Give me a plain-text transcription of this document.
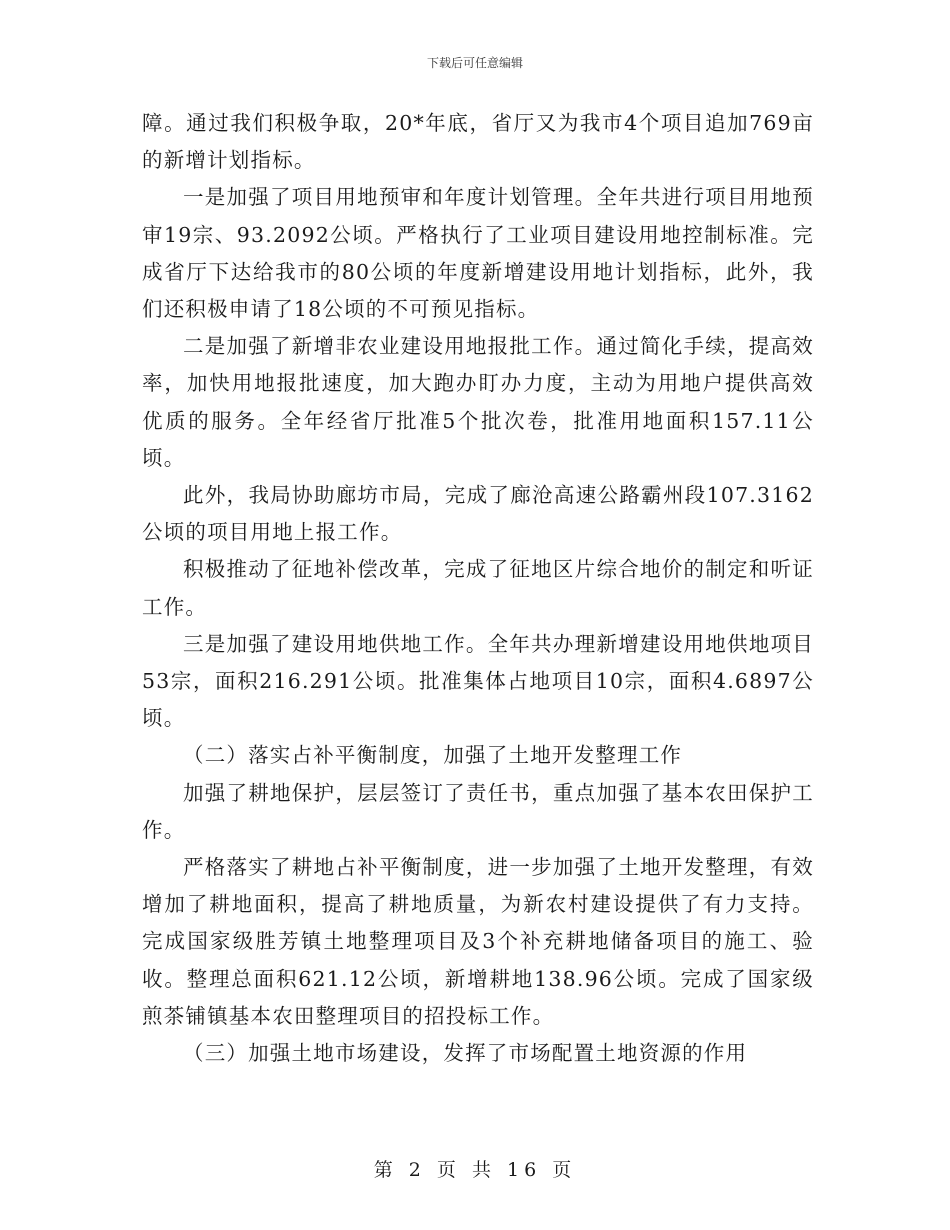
下载后可任意编辑

障。通过我们积极争取，20*年底，省厅又为我市4个项目追加769亩的新增计划指标。

一是加强了项目用地预审和年度计划管理。全年共进行项目用地预审19宗、93.2092公顷。严格执行了工业项目建设用地控制标准。完成省厅下达给我市的80公顷的年度新增建设用地计划指标，此外，我们还积极申请了18公顷的不可预见指标。

二是加强了新增非农业建设用地报批工作。通过简化手续，提高效率，加快用地报批速度，加大跑办盯办力度，主动为用地户提供高效优质的服务。全年经省厅批准5个批次卷，批准用地面积157.11公顷。

此外，我局协助廊坊市局，完成了廊沧高速公路霸州段107.3162公顷的项目用地上报工作。

积极推动了征地补偿改革，完成了征地区片综合地价的制定和听证工作。

三是加强了建设用地供地工作。全年共办理新增建设用地供地项目53宗，面积216.291公顷。批准集体占地项目10宗，面积4.6897公顷。

（二）落实占补平衡制度，加强了土地开发整理工作

加强了耕地保护，层层签订了责任书，重点加强了基本农田保护工作。

严格落实了耕地占补平衡制度，进一步加强了土地开发整理，有效增加了耕地面积，提高了耕地质量，为新农村建设提供了有力支持。完成国家级胜芳镇土地整理项目及3个补充耕地储备项目的施工、验收。整理总面积621.12公顷，新增耕地138.96公顷。完成了国家级煎茶铺镇基本农田整理项目的招投标工作。

（三）加强土地市场建设，发挥了市场配置土地资源的作用

第 2 页 共 16 页
